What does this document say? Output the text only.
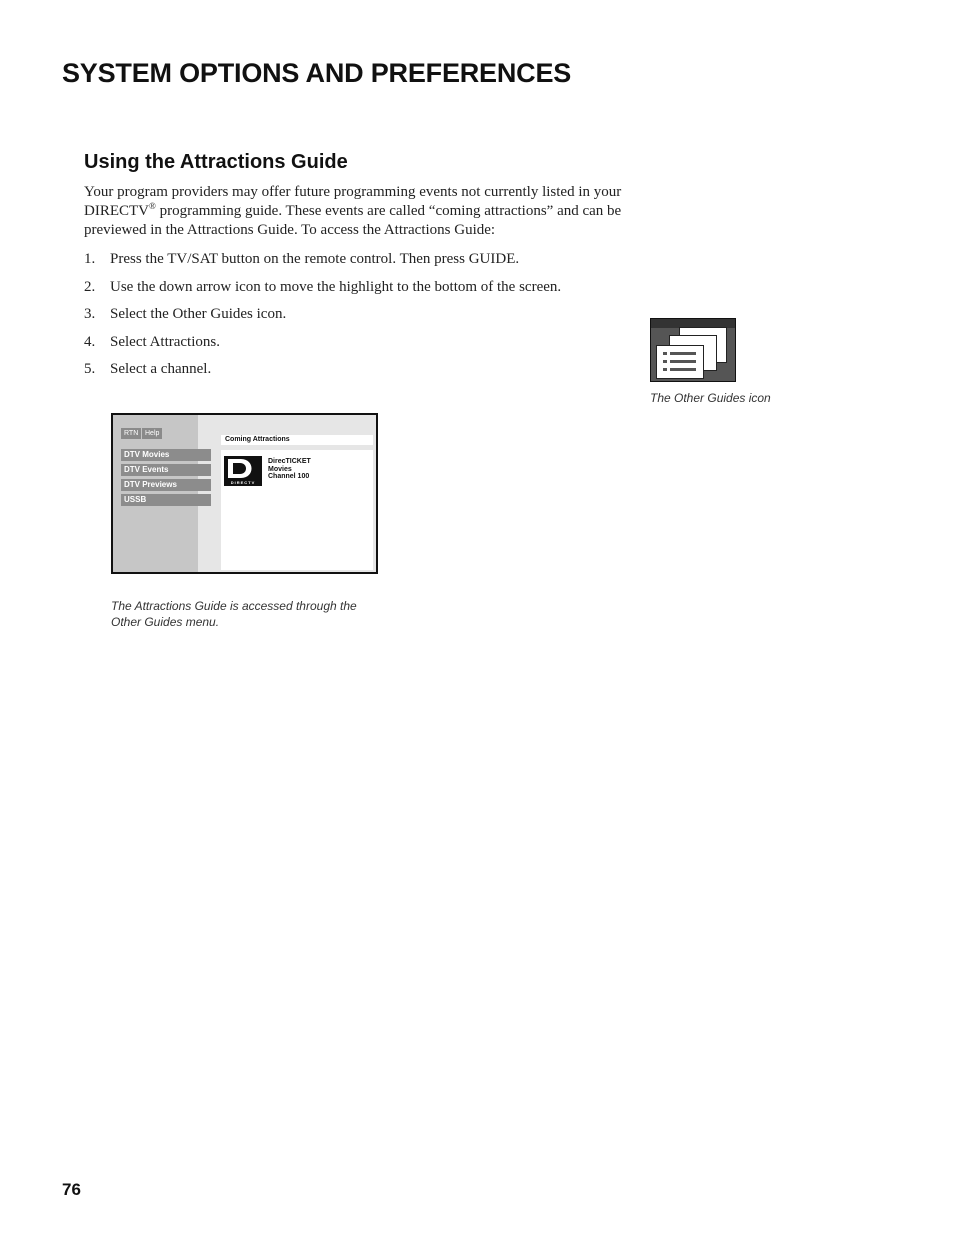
SYSTEM OPTIONS AND PREFERENCES
Using the Attractions Guide

Your program providers may offer future programming events not currently listed in your DIRECTV® programming guide. These events are called “coming attractions” and can be previewed in the Attractions Guide. To access the Attractions Guide:

1. Press the TV/SAT button on the remote control. Then press GUIDE.
2. Use the down arrow icon to move the highlight to the bottom of the screen.
3. Select the Other Guides icon.
4. Select Attractions.
5. Select a channel.

The Other Guides icon

RTN Help
DTV Movies
DTV Events
DTV Previews
USSB
Coming Attractions
DIRECTV
DirecTICKET
Movies
Channel 100

The Attractions Guide is accessed through the
Other Guides menu.

76
